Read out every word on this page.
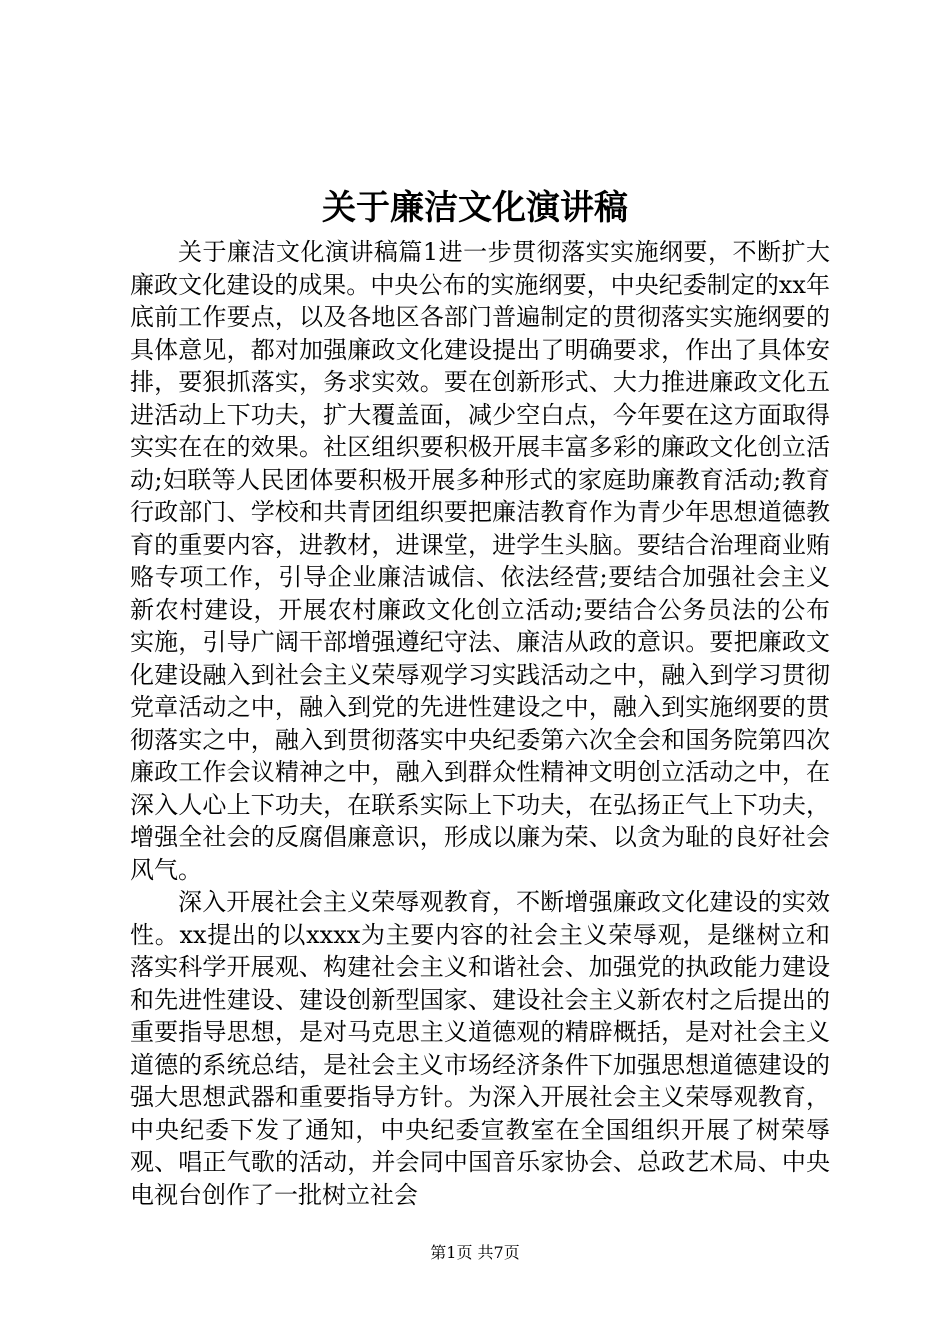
关于廉洁文化演讲稿

关于廉洁文化演讲稿篇1进一步贯彻落实实施纲要，不断扩大廉政文化建设的成果。中央公布的实施纲要，中央纪委制定的xx年底前工作要点，以及各地区各部门普遍制定的贯彻落实实施纲要的具体意见，都对加强廉政文化建设提出了明确要求，作出了具体安排，要狠抓落实，务求实效。要在创新形式、大力推进廉政文化五进活动上下功夫，扩大覆盖面，减少空白点，今年要在这方面取得实实在在的效果。社区组织要积极开展丰富多彩的廉政文化创立活动;妇联等人民团体要积极开展多种形式的家庭助廉教育活动;教育行政部门、学校和共青团组织要把廉洁教育作为青少年思想道德教育的重要内容，进教材，进课堂，进学生头脑。要结合治理商业贿赂专项工作，引导企业廉洁诚信、依法经营;要结合加强社会主义新农村建设，开展农村廉政文化创立活动;要结合公务员法的公布实施，引导广阔干部增强遵纪守法、廉洁从政的意识。要把廉政文化建设融入到社会主义荣辱观学习实践活动之中，融入到学习贯彻党章活动之中，融入到党的先进性建设之中，融入到实施纲要的贯彻落实之中，融入到贯彻落实中央纪委第六次全会和国务院第四次廉政工作会议精神之中，融入到群众性精神文明创立活动之中，在深入人心上下功夫，在联系实际上下功夫，在弘扬正气上下功夫，增强全社会的反腐倡廉意识，形成以廉为荣、以贪为耻的良好社会风气。

深入开展社会主义荣辱观教育，不断增强廉政文化建设的实效性。xx提出的以xxxx为主要内容的社会主义荣辱观，是继树立和落实科学开展观、构建社会主义和谐社会、加强党的执政能力建设和先进性建设、建设创新型国家、建设社会主义新农村之后提出的重要指导思想，是对马克思主义道德观的精辟概括，是对社会主义道德的系统总结，是社会主义市场经济条件下加强思想道德建设的强大思想武器和重要指导方针。为深入开展社会主义荣辱观教育，中央纪委下发了通知，中央纪委宣教室在全国组织开展了树荣辱观、唱正气歌的活动，并会同中国音乐家协会、总政艺术局、中央电视台创作了一批树立社会

第1页 共7页
